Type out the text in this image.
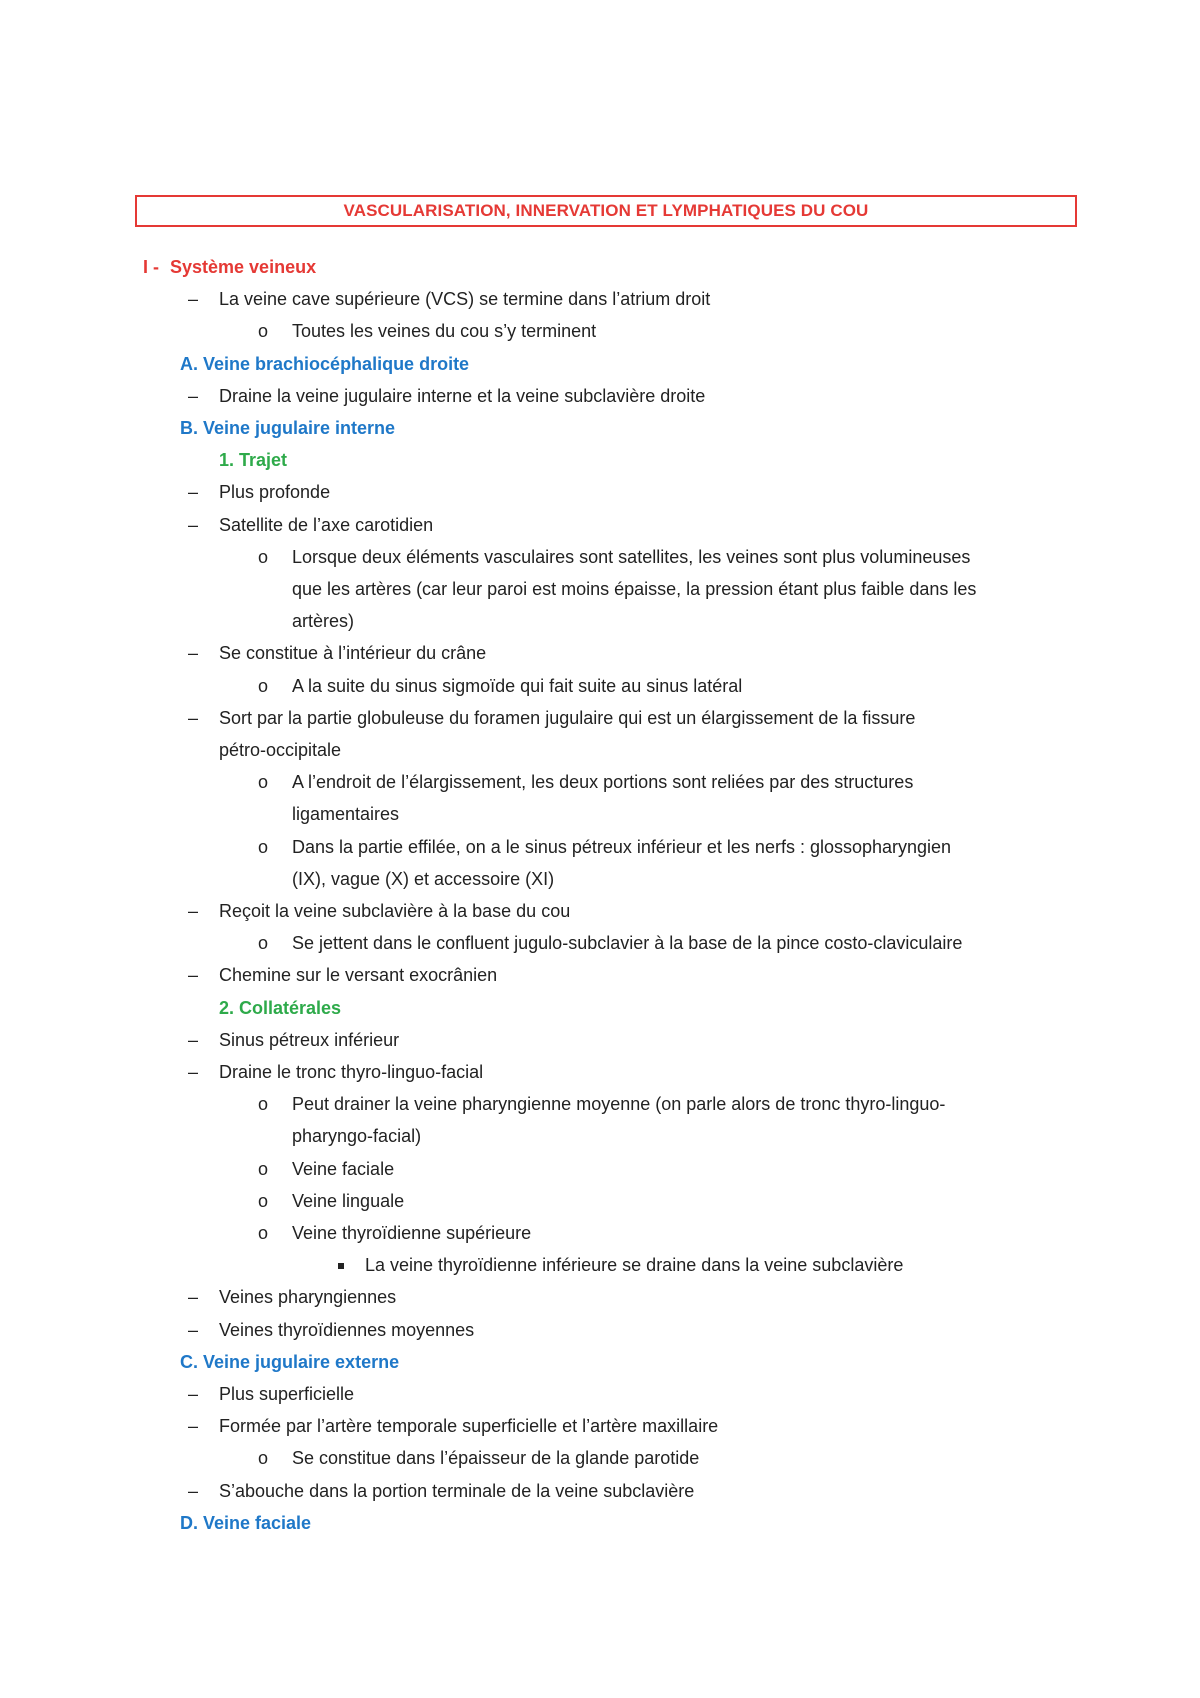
VASCULARISATION, INNERVATION ET LYMPHATIQUES DU COU
I - Système veineux
– La veine cave supérieure (VCS) se termine dans l’atrium droit
o Toutes les veines du cou s’y terminent
A. Veine brachiocéphalique droite
– Draine la veine jugulaire interne et la veine subclavière droite
B. Veine jugulaire interne
1. Trajet
– Plus profonde
– Satellite de l’axe carotidien
o Lorsque deux éléments vasculaires sont satellites, les veines sont plus volumineuses
que les artères (car leur paroi est moins épaisse, la pression étant plus faible dans les
artères)
– Se constitue à l’intérieur du crâne
o A la suite du sinus sigmoïde qui fait suite au sinus latéral
– Sort par la partie globuleuse du foramen jugulaire qui est un élargissement de la fissure
pétro-occipitale
o A l’endroit de l’élargissement, les deux portions sont reliées par des structures
ligamentaires
o Dans la partie effilée, on a le sinus pétreux inférieur et les nerfs : glossopharyngien
(IX), vague (X) et accessoire (XI)
– Reçoit la veine subclavière à la base du cou
o Se jettent dans le confluent jugulo-subclavier à la base de la pince costo-claviculaire
– Chemine sur le versant exocrânien
2. Collatérales
– Sinus pétreux inférieur
– Draine le tronc thyro-linguo-facial
o Peut drainer la veine pharyngienne moyenne (on parle alors de tronc thyro-linguo-
pharyngo-facial)
o Veine faciale
o Veine linguale
o Veine thyroïdienne supérieure
La veine thyroïdienne inférieure se draine dans la veine subclavière
– Veines pharyngiennes
– Veines thyroïdiennes moyennes
C. Veine jugulaire externe
– Plus superficielle
– Formée par l’artère temporale superficielle et l’artère maxillaire
o Se constitue dans l’épaisseur de la glande parotide
– S’abouche dans la portion terminale de la veine subclavière
D. Veine faciale
